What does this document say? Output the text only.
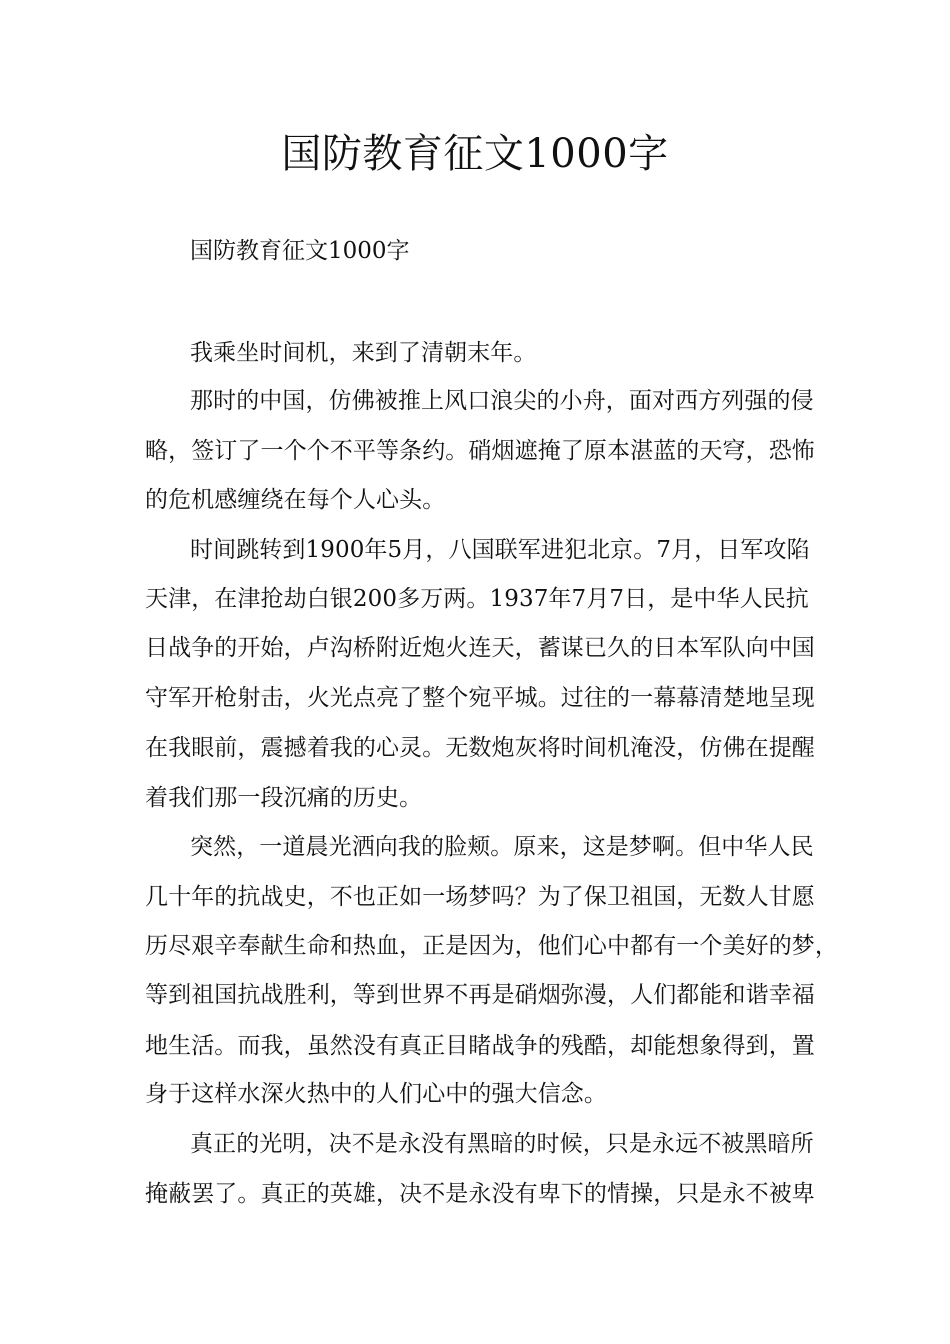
国防教育征文1000字
国防教育征文1000字
我乘坐时间机，来到了清朝末年。
那时的中国，仿佛被推上风口浪尖的小舟，面对西方列强的侵
略，签订了一个个不平等条约。硝烟遮掩了原本湛蓝的天穹，恐怖
的危机感缠绕在每个人心头。
时间跳转到1900年5月，八国联军进犯北京。7月，日军攻陷
天津，在津抢劫白银200多万两。1937年7月7日，是中华人民抗
日战争的开始，卢沟桥附近炮火连天，蓄谋已久的日本军队向中国
守军开枪射击，火光点亮了整个宛平城。过往的一幕幕清楚地呈现
在我眼前，震撼着我的心灵。无数炮灰将时间机淹没，仿佛在提醒
着我们那一段沉痛的历史。
突然，一道晨光洒向我的脸颊。原来，这是梦啊。但中华人民
几十年的抗战史，不也正如一场梦吗？为了保卫祖国，无数人甘愿
历尽艰辛奉献生命和热血，正是因为，他们心中都有一个美好的梦，
等到祖国抗战胜利，等到世界不再是硝烟弥漫，人们都能和谐幸福
地生活。而我，虽然没有真正目睹战争的残酷，却能想象得到，置
身于这样水深火热中的人们心中的强大信念。
真正的光明，决不是永没有黑暗的时候，只是永远不被黑暗所
掩蔽罢了。真正的英雄，决不是永没有卑下的情操，只是永不被卑
